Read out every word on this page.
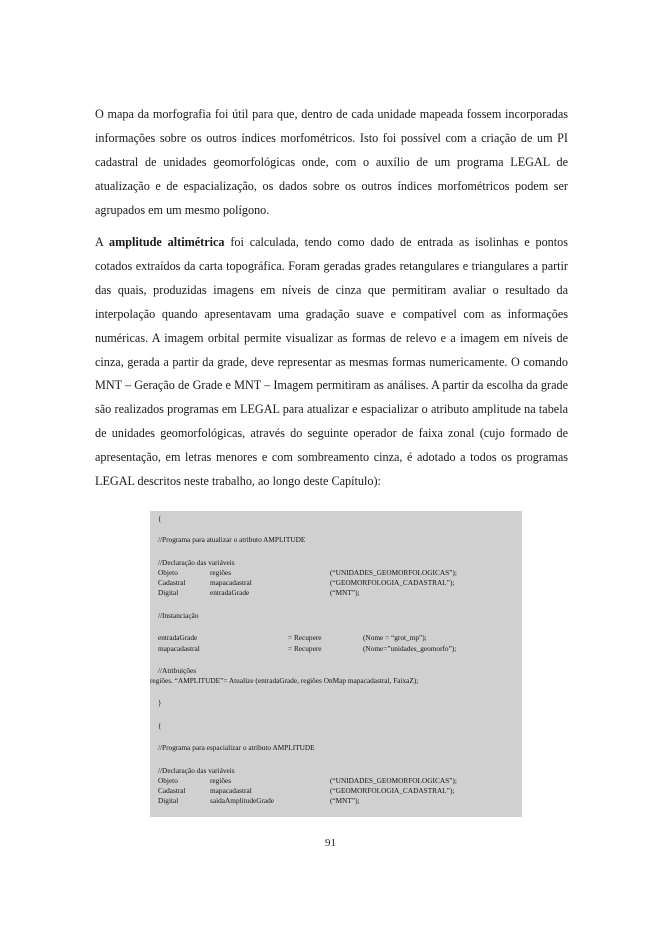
O mapa da morfografia foi útil para que, dentro de cada unidade mapeada fossem incorporadas informações sobre os outros índices morfométricos. Isto foi possível com a criação de um PI cadastral de unidades geomorfológicas onde, com o auxílio de um programa LEGAL de atualização e de espacialização, os dados sobre os outros índices morfométricos podem ser agrupados em um mesmo polígono.

A amplitude altimétrica foi calculada, tendo como dado de entrada as isolinhas e pontos cotados extraídos da carta topográfica. Foram geradas grades retangulares e triangulares a partir das quais, produzidas imagens em níveis de cinza que permitiram avaliar o resultado da interpolação quando apresentavam uma gradação suave e compatível com as informações numéricas. A imagem orbital permite visualizar as formas de relevo e a imagem em níveis de cinza, gerada a partir da grade, deve representar as mesmas formas numericamente. O comando MNT – Geração de Grade e MNT – Imagem permitiram as análises. A partir da escolha da grade são realizados programas em LEGAL para atualizar e espacializar o atributo amplitude na tabela de unidades geomorfológicas, através do seguinte operador de faixa zonal (cujo formado de apresentação, em letras menores e com sombreamento cinza, é adotado a todos os programas LEGAL descritos neste trabalho, ao longo deste Capítulo):

{
//Programa para atualizar o atributo AMPLITUDE
//Declaração das variáveis
Objeto	regiões	(“UNIDADES_GEOMORFOLOGICAS”);
Cadastral	mapacadastral	(“GEOMORFOLOGIA_CADASTRAL”);
Digital	entradaGrade	(“MNT”);
//Instanciação
entradaGrade	= Recupere	(Nome = “grot_mp”);
mapacadastral	= Recupere	(Nome=”unidades_geomorfo”);
//Atribuições
regiões. “AMPLITUDE”= Atualize (entradaGrade, regiões OnMap mapacadastral, FaixaZ);
}
{
//Programa para espacializar o atributo AMPLITUDE
//Declaração das variáveis
Objeto	regiões	(“UNIDADES_GEOMORFOLOGICAS”);
Cadastral	mapacadastral	(“GEOMORFOLOGIA_CADASTRAL”);
Digital	saidaAmplitudeGrade	(“MNT”);
91
